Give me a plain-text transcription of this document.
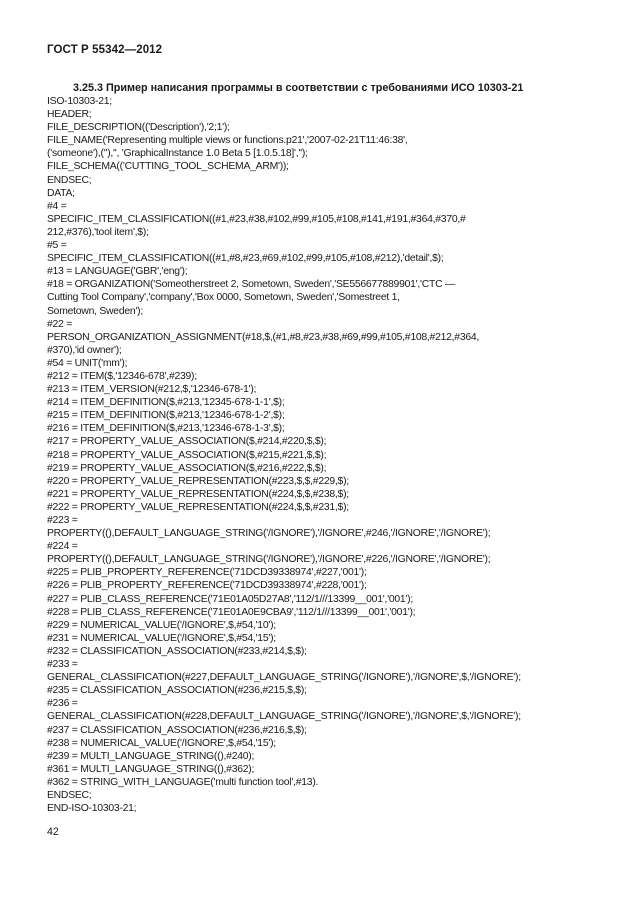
ГОСТ Р 55342—2012
3.25.3 Пример написания программы в соответствии с требованиями ИСО 10303-21
ISO-10303-21;
HEADER;
FILE_DESCRIPTION(('Description'),'2;1');
FILE_NAME('Representing multiple views or functions.p21','2007-02-21T11:46:38',
('someone'),(''),'', 'GraphicalInstance 1.0 Beta 5 [1.0.5.18]','');
FILE_SCHEMA(('CUTTING_TOOL_SCHEMA_ARM'));
ENDSEC;
DATA;
#4 =
SPECIFIC_ITEM_CLASSIFICATION((#1,#23,#38,#102,#99,#105,#108,#141,#191,#364,#370,#
212,#376),'tool item',$);
#5 =
SPECIFIC_ITEM_CLASSIFICATION((#1,#8,#23,#69,#102,#99,#105,#108,#212),'detail',$);
#13 = LANGUAGE('GBR','eng');
#18 = ORGANIZATION('Someotherstreet 2, Sometown, Sweden','SE556677889901','CTC —
Cutting Tool Company','company','Box 0000, Sometown, Sweden','Somestreet 1,
Sometown, Sweden');
#22 =
PERSON_ORGANIZATION_ASSIGNMENT(#18,$,(#1,#8,#23,#38,#69,#99,#105,#108,#212,#364,
#370),'id owner');
#54 = UNIT('mm');
#212 = ITEM($,'12346-678',#239);
#213 = ITEM_VERSION(#212,$,'12346-678-1');
#214 = ITEM_DEFINITION($,#213,'12345-678-1-1',$);
#215 = ITEM_DEFINITION($,#213,'12346-678-1-2',$);
#216 = ITEM_DEFINITION($,#213,'12346-678-1-3',$);
#217 = PROPERTY_VALUE_ASSOCIATION($,#214,#220,$,$);
#218 = PROPERTY_VALUE_ASSOCIATION($,#215,#221,$,$);
#219 = PROPERTY_VALUE_ASSOCIATION($,#216,#222,$,$);
#220 = PROPERTY_VALUE_REPRESENTATION(#223,$,$,#229,$);
#221 = PROPERTY_VALUE_REPRESENTATION(#224,$,$,#238,$);
#222 = PROPERTY_VALUE_REPRESENTATION(#224,$,$,#231,$);
#223 =
PROPERTY((),DEFAULT_LANGUAGE_STRING('/IGNORE'),'/IGNORE',#246,'/IGNORE','/IGNORE');
#224 =
PROPERTY((),DEFAULT_LANGUAGE_STRING('/IGNORE'),'/IGNORE',#226,'/IGNORE','/IGNORE');
#225 = PLIB_PROPERTY_REFERENCE('71DCD39338974',#227,'001');
#226 = PLIB_PROPERTY_REFERENCE('71DCD39338974',#228,'001');
#227 = PLIB_CLASS_REFERENCE('71E01A05D27A8','112/1///13399__001','001');
#228 = PLIB_CLASS_REFERENCE('71E01A0E9CBA9','112/1///13399__001','001');
#229 = NUMERICAL_VALUE('/IGNORE',$,#54,'10');
#231 = NUMERICAL_VALUE('/IGNORE',$,#54,'15');
#232 = CLASSIFICATION_ASSOCIATION(#233,#214,$,$);
#233 =
GENERAL_CLASSIFICATION(#227,DEFAULT_LANGUAGE_STRING('/IGNORE'),'/IGNORE',$,'/IGNORE');
#235 = CLASSIFICATION_ASSOCIATION(#236,#215,$,$);
#236 =
GENERAL_CLASSIFICATION(#228,DEFAULT_LANGUAGE_STRING('/IGNORE'),'/IGNORE',$,'/IGNORE');
#237 = CLASSIFICATION_ASSOCIATION(#236,#216,$,$);
#238 = NUMERICAL_VALUE('/IGNORE',$,#54,'15');
#239 = MULTI_LANGUAGE_STRING((),#240);
#361 = MULTI_LANGUAGE_STRING((),#362);
#362 = STRING_WITH_LANGUAGE('multi function tool',#13).
ENDSEC;
END-ISO-10303-21;
42
